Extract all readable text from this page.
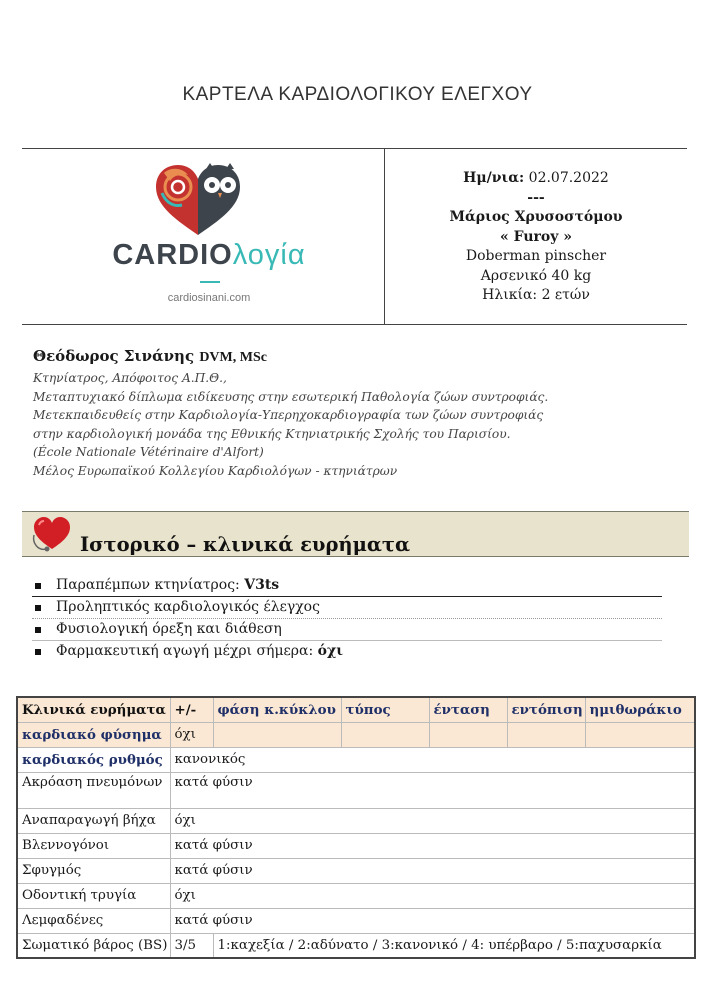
ΚΑΡΤΕΛΑ ΚΑΡΔΙΟΛΟΓΙΚΟΥ ΕΛΕΓΧΟΥ
CARDIOλογία
cardiosinani.com
Ημ/νια: 02.07.2022
---
Μάριος Χρυσοστόμου
« Furoy »
Doberman pinscher
Αρσενικό 40 kg
Ηλικία: 2 ετών
Θεόδωρος Σινάνης DVM, MSc
Κτηνίατρος, Απόφοιτος Α.Π.Θ.,
Μεταπτυχιακό δίπλωμα ειδίκευσης στην εσωτερική Παθολογία ζώων συντροφιάς.
Μετεκπαιδευθείς στην Καρδιολογία-Υπερηχοκαρδιογραφία των ζώων συντροφιάς
στην καρδιολογική μονάδα της Εθνικής Κτηνιατρικής Σχολής του Παρισίου.
(École Nationale Vétérinaire d'Alfort)
Μέλος Ευρωπαϊκού Κολλεγίου Καρδιολόγων - κτηνιάτρων
Ιστορικό – κλινικά ευρήματα
Παραπέμπων κτηνίατρος: V3ts
Προληπτικός καρδιολογικός έλεγχος
Φυσιολογική όρεξη και διάθεση
Φαρμακευτική αγωγή μέχρι σήμερα: όχι
Κλινικά ευρήματα	+/-	φάση κ.κύκλου	τύπος	ένταση	εντόπιση	ημιθωράκιο
καρδιακό φύσημα	όχι					
καρδιακός ρυθμός	κανονικός					
Ακρόαση πνευμόνων	κατά φύσιν					
Αναπαραγωγή βήχα	όχι					
Βλεννογόνοι	κατά φύσιν					
Σφυγμός	κατά φύσιν					
Οδοντική τρυγία	όχι					
Λεμφαδένες	κατά φύσιν					
Σωματικό βάρος (BS)	3/5	1:καχεξία / 2:αδύνατο / 3:κανονικό / 4: υπέρβαρο / 5:παχυσαρκία				
